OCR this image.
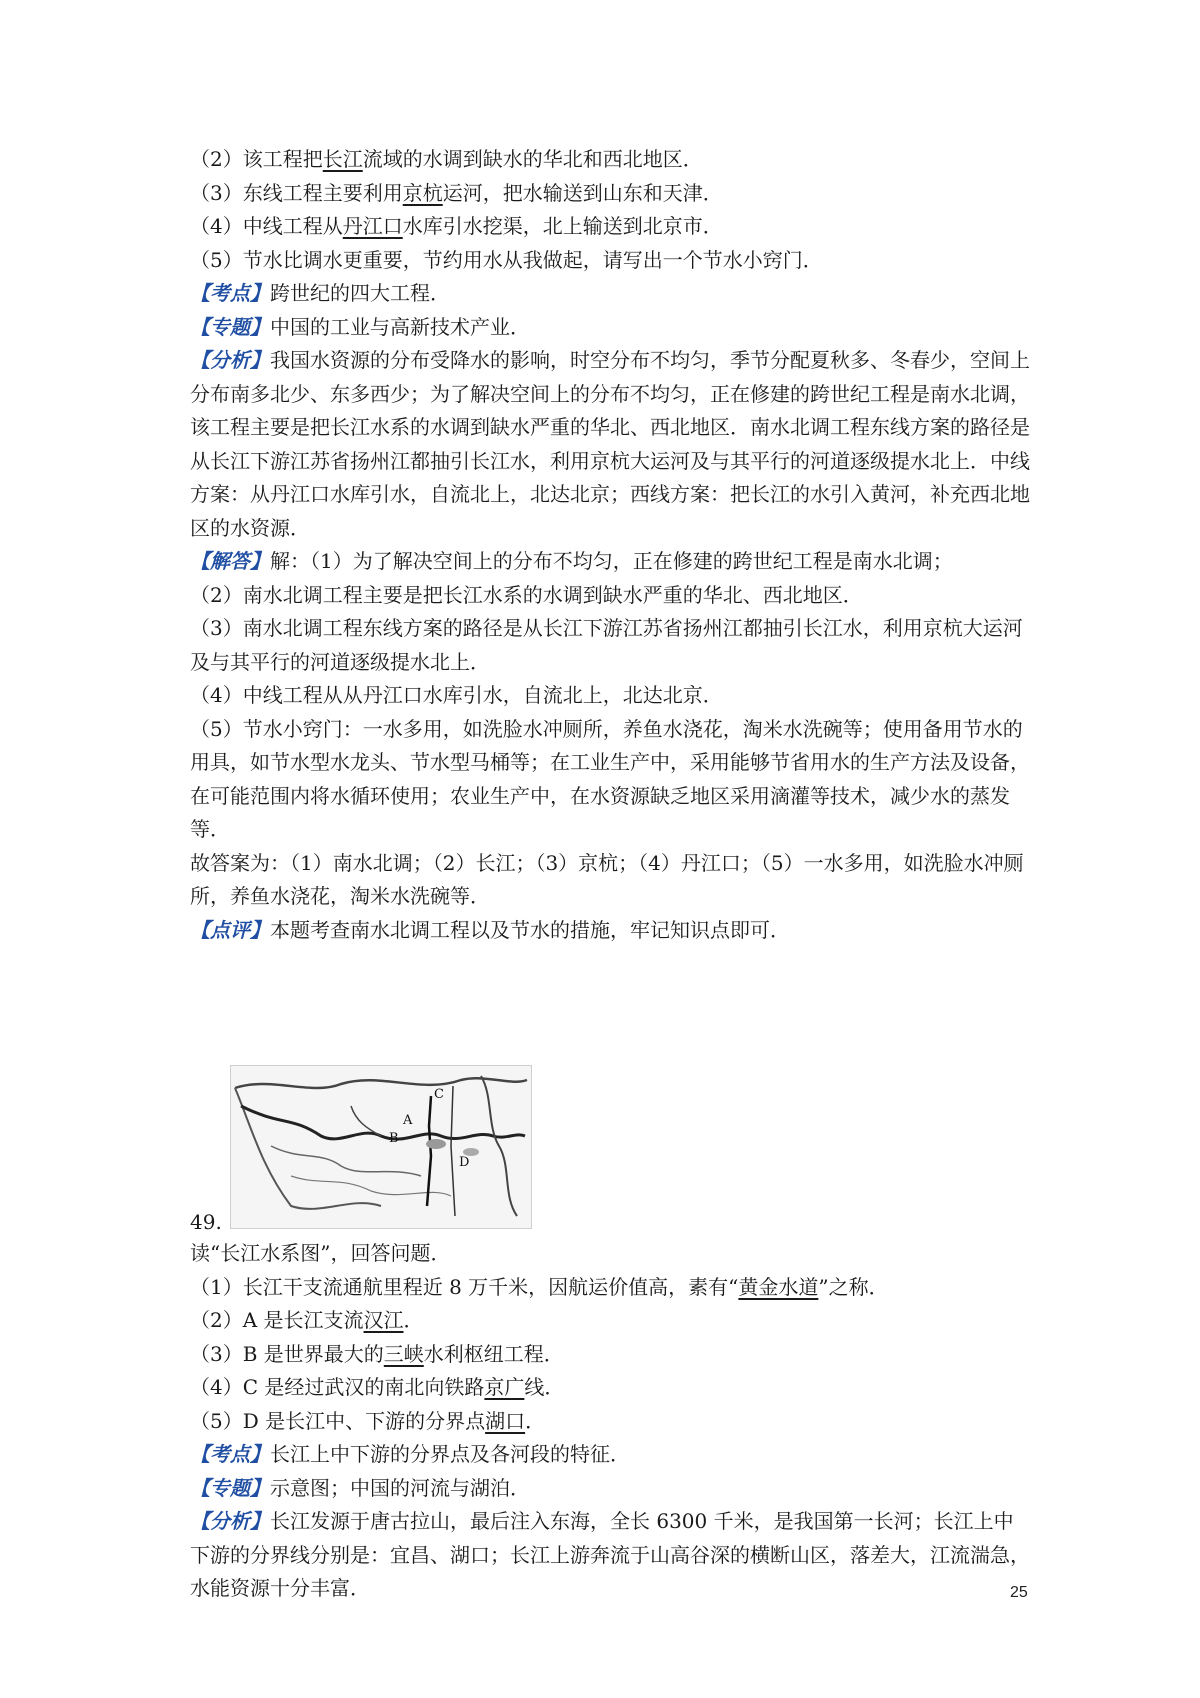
（2）该工程把长江流域的水调到缺水的华北和西北地区．
（3）东线工程主要利用京杭运河，把水输送到山东和天津．
（4）中线工程从丹江口水库引水挖渠，北上输送到北京市．
（5）节水比调水更重要，节约用水从我做起，请写出一个节水小窍门．
【考点】跨世纪的四大工程．
【专题】中国的工业与高新技术产业．
【分析】我国水资源的分布受降水的影响，时空分布不均匀，季节分配夏秋多、冬春少，空间上分布南多北少、东多西少；为了解决空间上的分布不均匀，正在修建的跨世纪工程是南水北调，该工程主要是把长江水系的水调到缺水严重的华北、西北地区．南水北调工程东线方案的路径是从长江下游江苏省扬州江都抽引长江水，利用京杭大运河及与其平行的河道逐级提水北上．中线方案：从丹江口水库引水，自流北上，北达北京；西线方案：把长江的水引入黄河，补充西北地区的水资源．
【解答】解：（1）为了解决空间上的分布不均匀，正在修建的跨世纪工程是南水北调；
（2）南水北调工程主要是把长江水系的水调到缺水严重的华北、西北地区．
（3）南水北调工程东线方案的路径是从长江下游江苏省扬州江都抽引长江水，利用京杭大运河及与其平行的河道逐级提水北上．
（4）中线工程从从丹江口水库引水，自流北上，北达北京．
（5）节水小窍门：一水多用，如洗脸水冲厕所，养鱼水浇花，淘米水洗碗等；使用备用节水的用具，如节水型水龙头、节水型马桶等；在工业生产中，采用能够节省用水的生产方法及设备，在可能范围内将水循环使用；农业生产中，在水资源缺乏地区采用滴灌等技术，减少水的蒸发等．
故答案为：（1）南水北调；（2）长江；（3）京杭；（4）丹江口；（5）一水多用，如洗脸水冲厕所，养鱼水浇花，淘米水洗碗等．
【点评】本题考查南水北调工程以及节水的措施，牢记知识点即可．
49.
A
B
C
D
读“长江水系图”，回答问题．
（1）长江干支流通航里程近 8 万千米，因航运价值高，素有“黄金水道”之称．
（2）A 是长江支流汉江．
（3）B 是世界最大的三峡水利枢纽工程．
（4）C 是经过武汉的南北向铁路京广线．
（5）D 是长江中、下游的分界点湖口．
【考点】长江上中下游的分界点及各河段的特征．
【专题】示意图；中国的河流与湖泊．
【分析】长江发源于唐古拉山，最后注入东海，全长 6300 千米，是我国第一长河；长江上中下游的分界线分别是：宜昌、湖口；长江上游奔流于山高谷深的横断山区，落差大，江流湍急，水能资源十分丰富．	25
